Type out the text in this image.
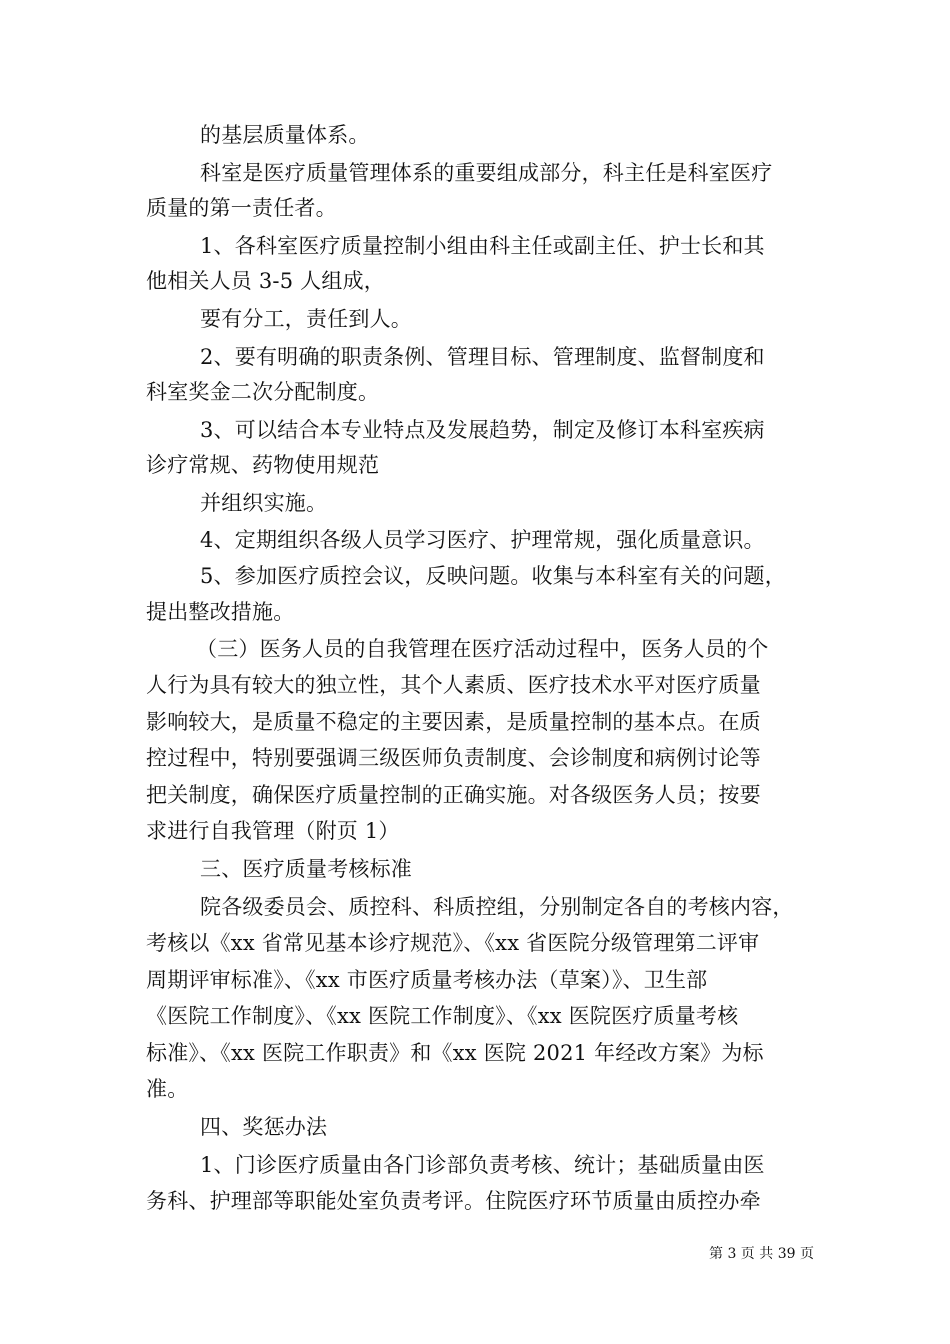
的基层质量体系。
科室是医疗质量管理体系的重要组成部分，科主任是科室医疗
质量的第一责任者。
1、各科室医疗质量控制小组由科主任或副主任、护士长和其
他相关人员 3-5 人组成，
要有分工，责任到人。
2、要有明确的职责条例、管理目标、管理制度、监督制度和
科室奖金二次分配制度。
3、可以结合本专业特点及发展趋势，制定及修订本科室疾病
诊疗常规、药物使用规范
并组织实施。
4、定期组织各级人员学习医疗、护理常规，强化质量意识。
5、参加医疗质控会议，反映问题。收集与本科室有关的问题，
提出整改措施。
（三）医务人员的自我管理在医疗活动过程中，医务人员的个
人行为具有较大的独立性，其个人素质、医疗技术水平对医疗质量
影响较大，是质量不稳定的主要因素，是质量控制的基本点。在质
控过程中，特别要强调三级医师负责制度、会诊制度和病例讨论等
把关制度，确保医疗质量控制的正确实施。对各级医务人员；按要
求进行自我管理（附页 1）
三、医疗质量考核标准
院各级委员会、质控科、科质控组，分别制定各自的考核内容，
考核以《xx 省常见基本诊疗规范》、《xx 省医院分级管理第二评审
周期评审标准》、《xx 市医疗质量考核办法（草案）》、卫生部
《医院工作制度》、《xx 医院工作制度》、《xx 医院医疗质量考核
标准》、《xx 医院工作职责》和《xx 医院 2021 年经改方案》为标
准。
四、奖惩办法
1、门诊医疗质量由各门诊部负责考核、统计；基础质量由医
务科、护理部等职能处室负责考评。住院医疗环节质量由质控办牵
第 3 页 共 39 页
